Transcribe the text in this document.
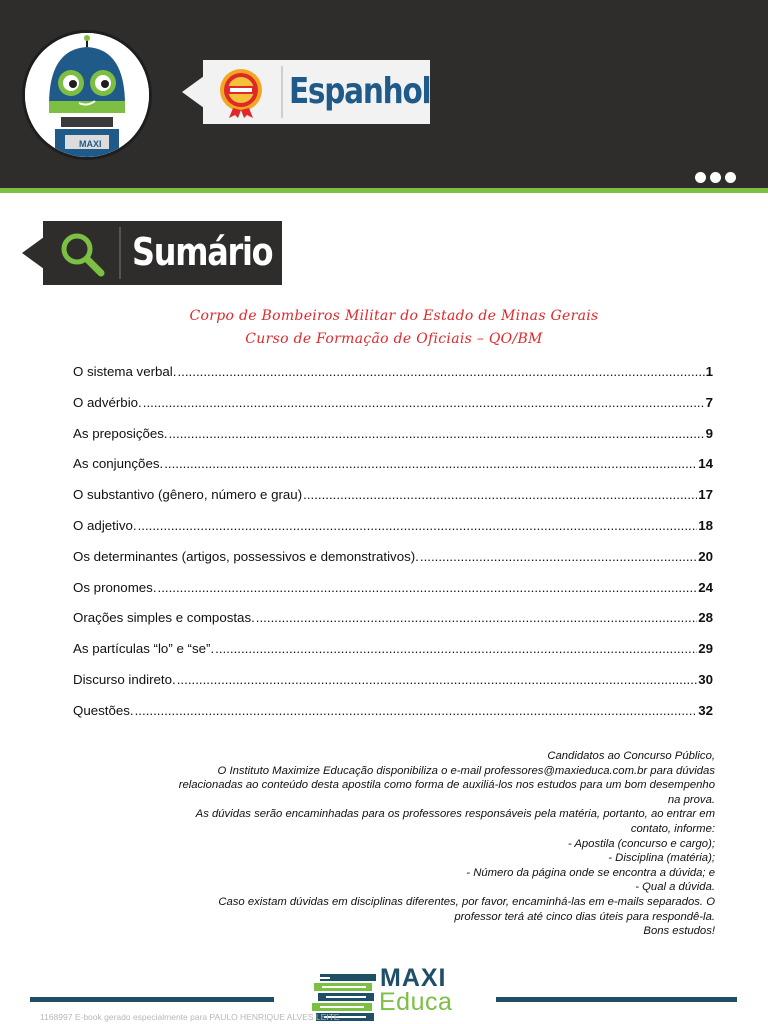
MAXI
Espanhol
Sumário
Corpo de Bombeiros Militar do Estado de Minas Gerais
Curso de Formação de Oficiais – QO/BM
O sistema verbal. .....	1
O advérbio. .....	7
As preposições. .....	9
As conjunções. .....	14
O substantivo (gênero, número e grau) .....	17
O adjetivo. .....	18
Os determinantes (artigos, possessivos e demonstrativos). .....	20
Os pronomes. .....	24
Orações simples e compostas. .....	28
As partículas “lo” e “se”. .....	29
Discurso indireto. .....	30
Questões. .....	32
Candidatos ao Concurso Público,
O Instituto Maximize Educação disponibiliza o e-mail professores@maxieduca.com.br para dúvidas
relacionadas ao conteúdo desta apostila como forma de auxiliá-los nos estudos para um bom desempenho
na prova.
As dúvidas serão encaminhadas para os professores responsáveis pela matéria, portanto, ao entrar em
contato, informe:
- Apostila (concurso e cargo);
- Disciplina (matéria);
- Número da página onde se encontra a dúvida; e
- Qual a dúvida.
Caso existam dúvidas em disciplinas diferentes, por favor, encaminhá-las em e-mails separados. O
professor terá até cinco dias úteis para respondê-la.
Bons estudos!
MAXI
Educa
1168997 E-book gerado especialmente para PAULO HENRIQUE ALVES LEITE
